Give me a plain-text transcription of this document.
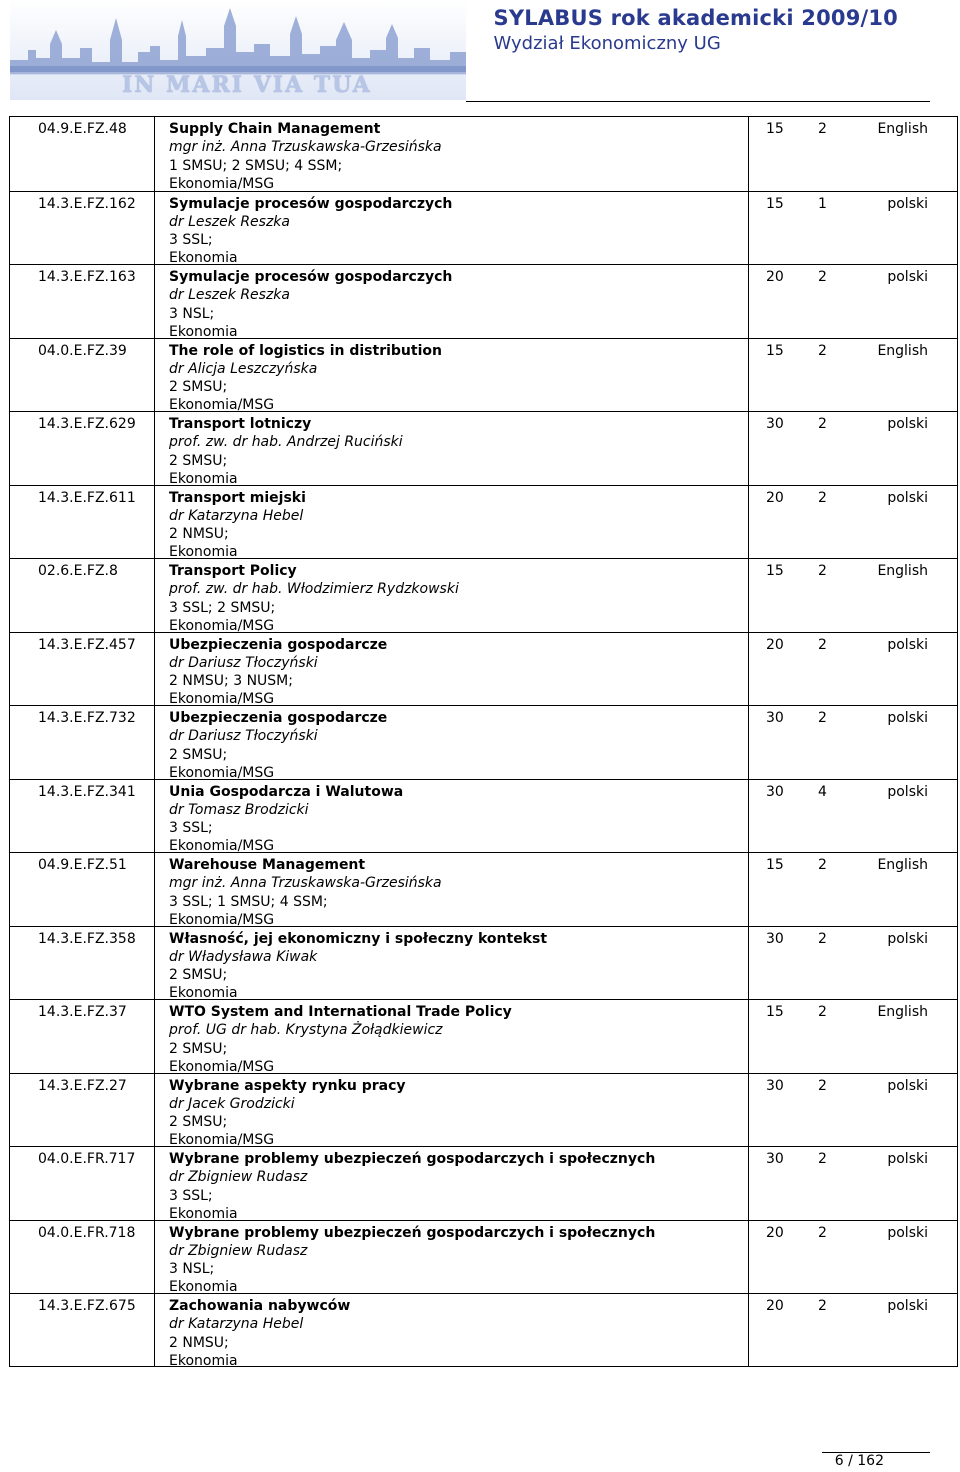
IN MARI VIA TUA
SYLABUS rok akademicki 2009/10
Wydział Ekonomiczny UG
04.9.E.FZ.48	Supply Chain Management
mgr inż. Anna Trzuskawska-Grzesińska
1 SMSU; 2 SMSU; 4 SSM;
Ekonomia/MSG
15 2	English
14.3.E.FZ.162 Symulacje procesów gospodarczych
dr Leszek Reszka
3 SSL;
Ekonomia
15 1	polski
14.3.E.FZ.163 Symulacje procesów gospodarczych
dr Leszek Reszka
3 NSL;
Ekonomia
20 2	polski
04.0.E.FZ.39	The role of logistics in distribution
dr Alicja Leszczyńska
2 SMSU;
Ekonomia/MSG
15 2	English
14.3.E.FZ.629 Transport lotniczy
prof. zw. dr hab. Andrzej Ruciński
2 SMSU;
Ekonomia
30 2	polski
14.3.E.FZ.611 Transport miejski
dr Katarzyna Hebel
2 NMSU;
Ekonomia
20 2	polski
02.6.E.FZ.8	Transport Policy
prof. zw. dr hab. Włodzimierz Rydzkowski
3 SSL; 2 SMSU;
Ekonomia/MSG
15 2	English
14.3.E.FZ.457 Ubezpieczenia gospodarcze
dr Dariusz Tłoczyński
2 NMSU; 3 NUSM;
Ekonomia/MSG
20 2	polski
14.3.E.FZ.732 Ubezpieczenia gospodarcze
dr Dariusz Tłoczyński
2 SMSU;
Ekonomia/MSG
30 2	polski
14.3.E.FZ.341 Unia Gospodarcza i Walutowa
dr Tomasz Brodzicki
3 SSL;
Ekonomia/MSG
30 4	polski
04.9.E.FZ.51	Warehouse Management
mgr inż. Anna Trzuskawska-Grzesińska
3 SSL; 1 SMSU; 4 SSM;
Ekonomia/MSG
15 2	English
14.3.E.FZ.358 Własność, jej ekonomiczny i społeczny kontekst
dr Władysława Kiwak
2 SMSU;
Ekonomia
30 2	polski
14.3.E.FZ.37	WTO System and International Trade Policy
prof. UG dr hab. Krystyna Żołądkiewicz
2 SMSU;
Ekonomia/MSG
15 2	English
14.3.E.FZ.27	Wybrane aspekty rynku pracy
dr Jacek Grodzicki
2 SMSU;
Ekonomia/MSG
30 2	polski
04.0.E.FR.717 Wybrane problemy ubezpieczeń gospodarczych i społecznych
dr Zbigniew Rudasz
3 SSL;
Ekonomia
30 2	polski
04.0.E.FR.718 Wybrane problemy ubezpieczeń gospodarczych i społecznych
dr Zbigniew Rudasz
3 NSL;
Ekonomia
20 2	polski
14.3.E.FZ.675 Zachowania nabywców
dr Katarzyna Hebel
2 NMSU;
Ekonomia
20 2	polski
6 / 162
